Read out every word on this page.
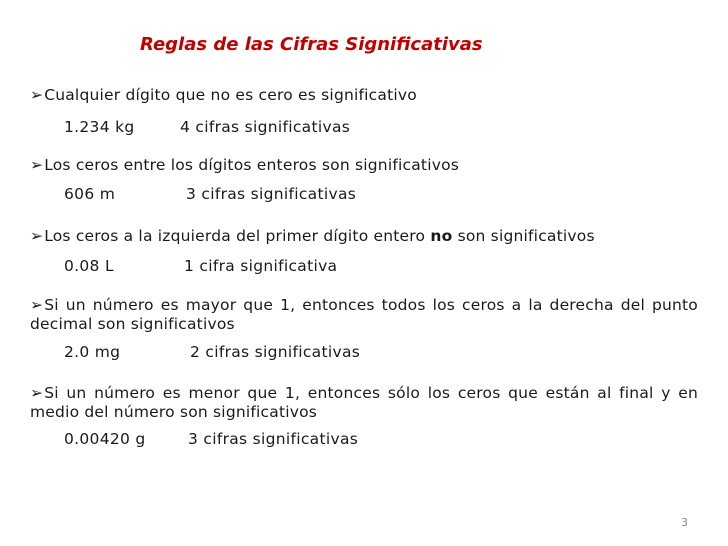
Reglas de las Cifras Significativas
➢Cualquier dígito que no es cero es significativo
1.234 kg	4 cifras significativas
➢Los ceros entre los dígitos enteros son significativos
606 m	3 cifras significativas
➢Los ceros a la izquierda del primer dígito entero no son significativos
0.08 L	1 cifra significativa
➢Si un número es mayor que 1, entonces todos los ceros a la derecha del punto decimal son significativos
2.0 mg	2 cifras significativas
➢Si un número es menor que 1, entonces sólo los ceros que están al final y en medio del número son significativos
0.00420 g	3 cifras significativas
3
